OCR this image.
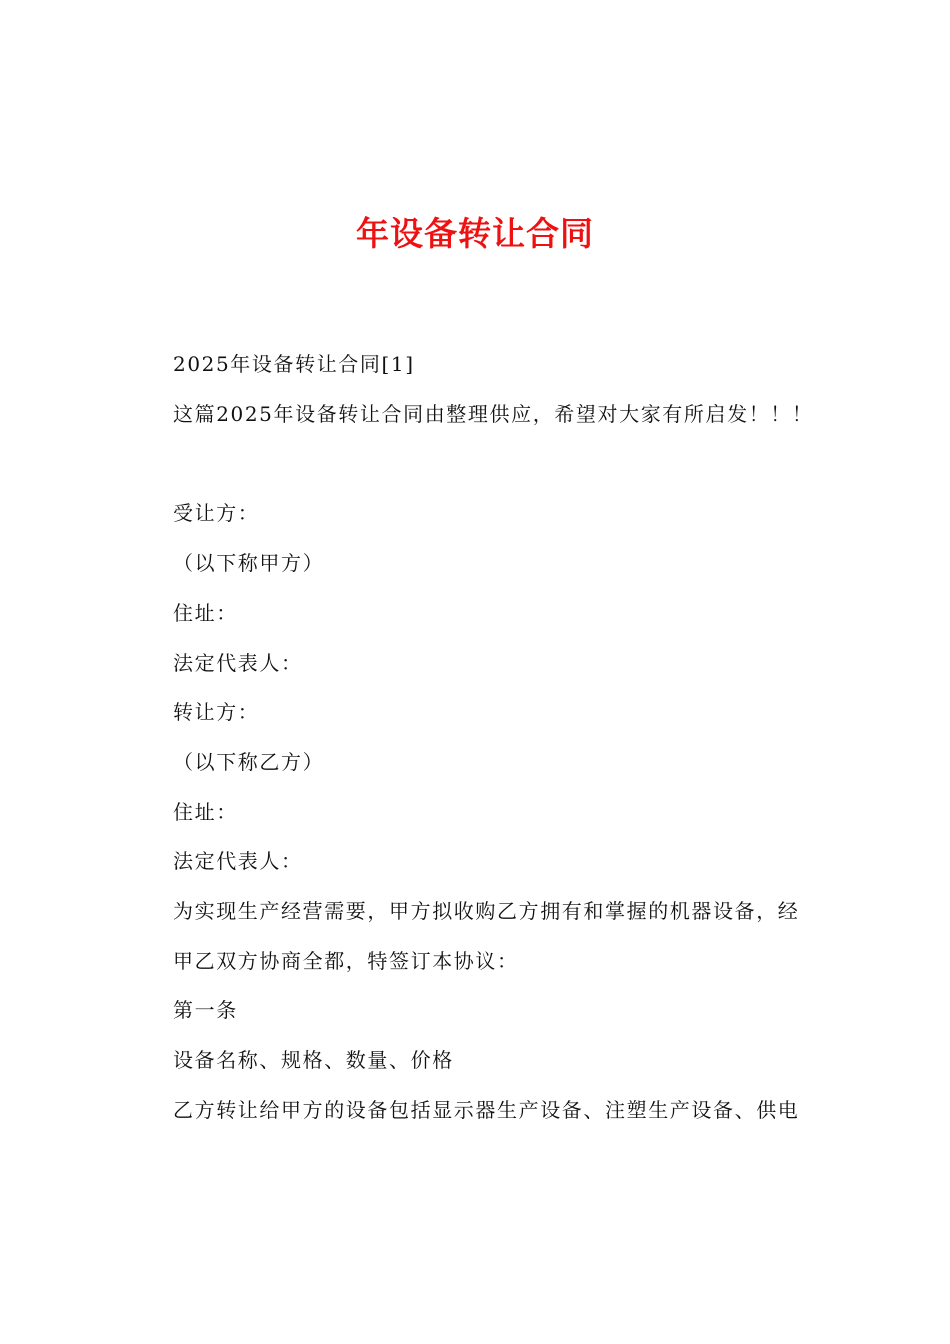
年设备转让合同
2025年设备转让合同[1]
这篇2025年设备转让合同由整理供应，希望对大家有所启发！！！
受让方：
（以下称甲方）
住址：
法定代表人：
转让方：
（以下称乙方）
住址：
法定代表人：
为实现生产经营需要，甲方拟收购乙方拥有和掌握的机器设备，经
甲乙双方协商全都，特签订本协议：
第一条
设备名称、规格、数量、价格
乙方转让给甲方的设备包括显示器生产设备、注塑生产设备、供电
